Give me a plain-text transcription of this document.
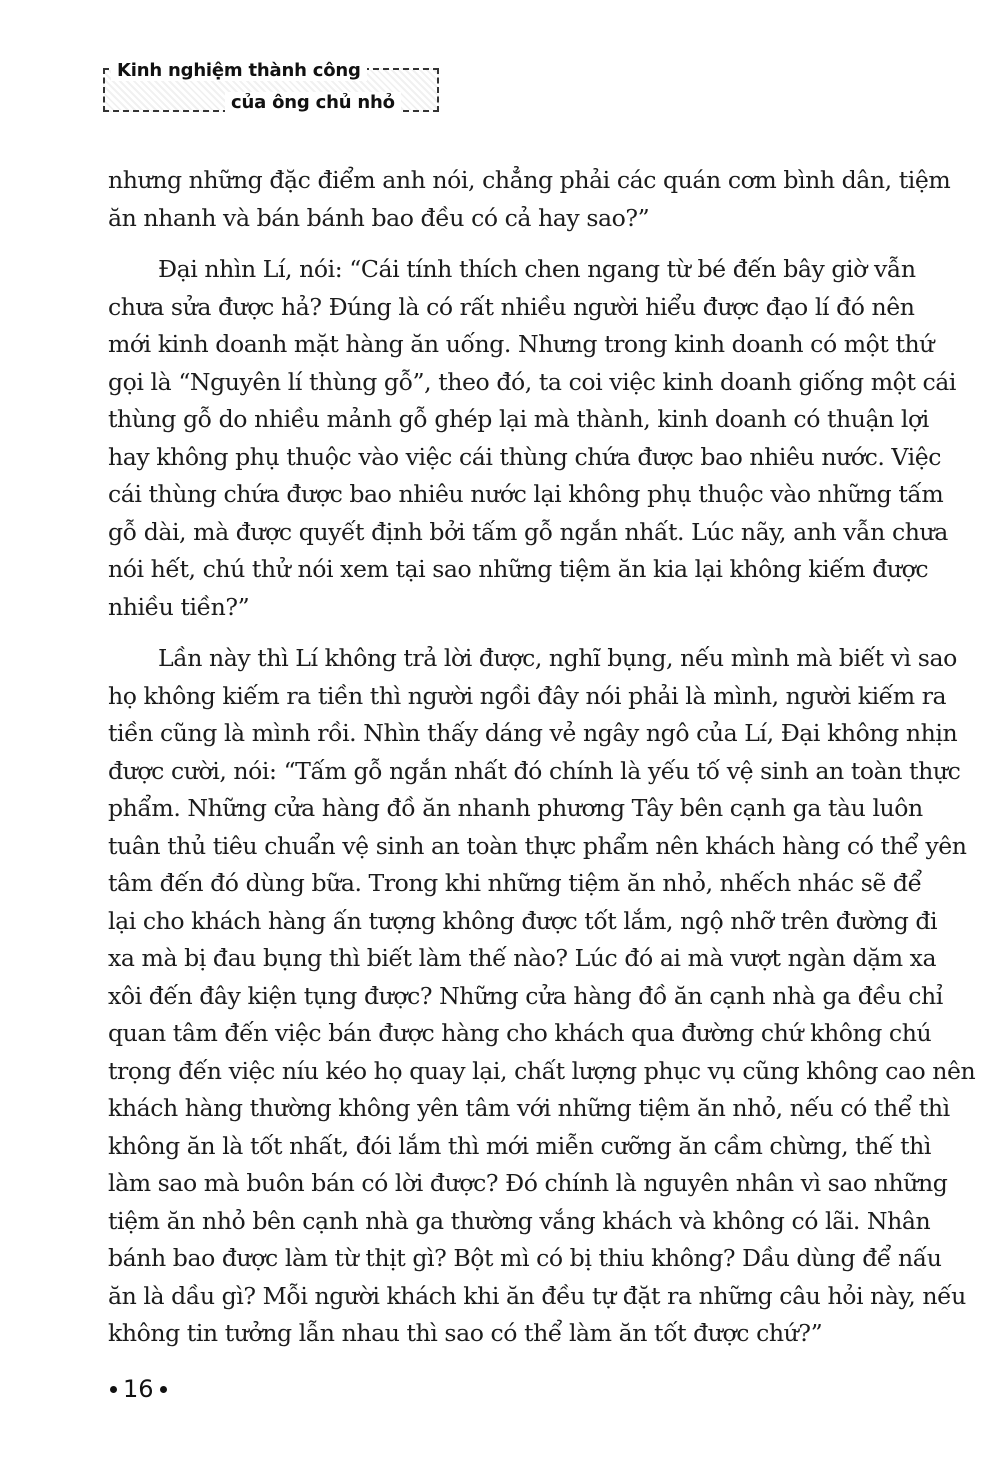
Kinh nghiệm thành công
của ông chủ nhỏ

nhưng những đặc điểm anh nói, chẳng phải các quán cơm bình dân, tiệm
ăn nhanh và bán bánh bao đều có cả hay sao?”

Đại nhìn Lí, nói: “Cái tính thích chen ngang từ bé đến bây giờ vẫn
chưa sửa được hả? Đúng là có rất nhiều người hiểu được đạo lí đó nên
mới kinh doanh mặt hàng ăn uống. Nhưng trong kinh doanh có một thứ
gọi là “Nguyên lí thùng gỗ”, theo đó, ta coi việc kinh doanh giống một cái
thùng gỗ do nhiều mảnh gỗ ghép lại mà thành, kinh doanh có thuận lợi
hay không phụ thuộc vào việc cái thùng chứa được bao nhiêu nước. Việc
cái thùng chứa được bao nhiêu nước lại không phụ thuộc vào những tấm
gỗ dài, mà được quyết định bởi tấm gỗ ngắn nhất. Lúc nãy, anh vẫn chưa
nói hết, chú thử nói xem tại sao những tiệm ăn kia lại không kiếm được
nhiều tiền?”

Lần này thì Lí không trả lời được, nghĩ bụng, nếu mình mà biết vì sao
họ không kiếm ra tiền thì người ngồi đây nói phải là mình, người kiếm ra
tiền cũng là mình rồi. Nhìn thấy dáng vẻ ngây ngô của Lí, Đại không nhịn
được cười, nói: “Tấm gỗ ngắn nhất đó chính là yếu tố vệ sinh an toàn thực
phẩm. Những cửa hàng đồ ăn nhanh phương Tây bên cạnh ga tàu luôn
tuân thủ tiêu chuẩn vệ sinh an toàn thực phẩm nên khách hàng có thể yên
tâm đến đó dùng bữa. Trong khi những tiệm ăn nhỏ, nhếch nhác sẽ để
lại cho khách hàng ấn tượng không được tốt lắm, ngộ nhỡ trên đường đi
xa mà bị đau bụng thì biết làm thế nào? Lúc đó ai mà vượt ngàn dặm xa
xôi đến đây kiện tụng được? Những cửa hàng đồ ăn cạnh nhà ga đều chỉ
quan tâm đến việc bán được hàng cho khách qua đường chứ không chú
trọng đến việc níu kéo họ quay lại, chất lượng phục vụ cũng không cao nên
khách hàng thường không yên tâm với những tiệm ăn nhỏ, nếu có thể thì
không ăn là tốt nhất, đói lắm thì mới miễn cưỡng ăn cầm chừng, thế thì
làm sao mà buôn bán có lời được? Đó chính là nguyên nhân vì sao những
tiệm ăn nhỏ bên cạnh nhà ga thường vắng khách và không có lãi. Nhân
bánh bao được làm từ thịt gì? Bột mì có bị thiu không? Dầu dùng để nấu
ăn là dầu gì? Mỗi người khách khi ăn đều tự đặt ra những câu hỏi này, nếu
không tin tưởng lẫn nhau thì sao có thể làm ăn tốt được chứ?”

16
